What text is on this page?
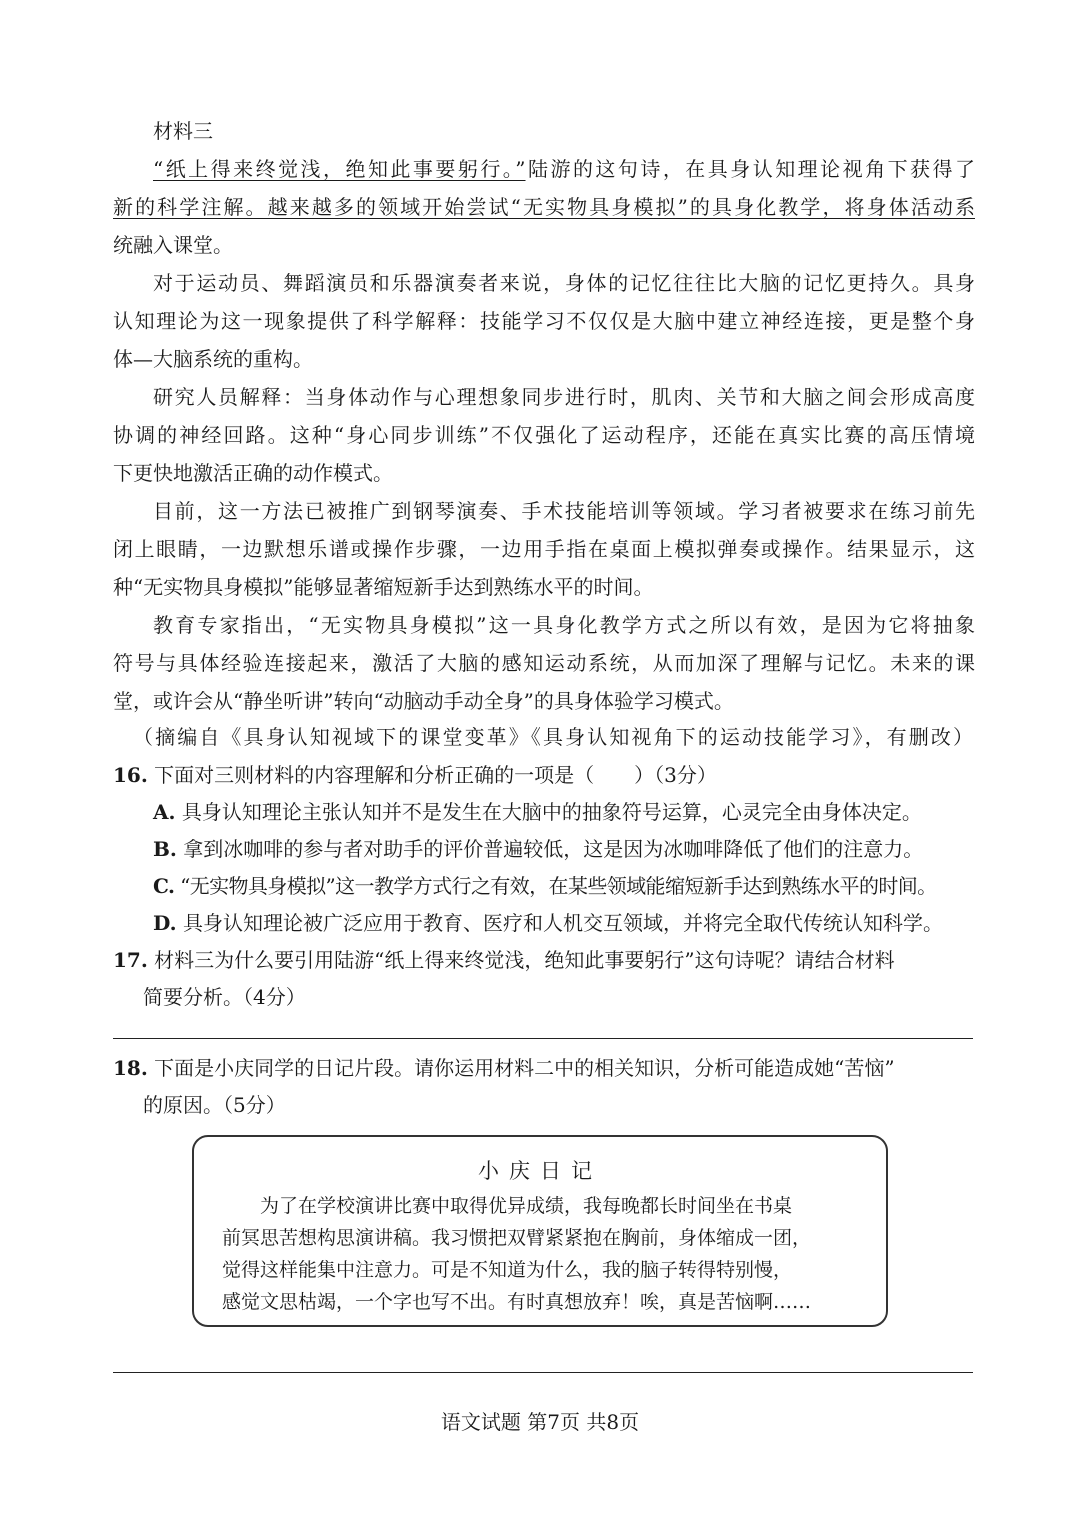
材料三
“纸上得来终觉浅，绝知此事要躬行。”陆游的这句诗，在具身认知理论视角下获得了
新的科学注解。越来越多的领域开始尝试“无实物具身模拟”的具身化教学，将身体活动系
统融入课堂。
对于运动员、舞蹈演员和乐器演奏者来说，身体的记忆往往比大脑的记忆更持久。具身
认知理论为这一现象提供了科学解释：技能学习不仅仅是大脑中建立神经连接，更是整个身
体—大脑系统的重构。
研究人员解释：当身体动作与心理想象同步进行时，肌肉、关节和大脑之间会形成高度
协调的神经回路。这种“身心同步训练”不仅强化了运动程序，还能在真实比赛的高压情境
下更快地激活正确的动作模式。
目前，这一方法已被推广到钢琴演奏、手术技能培训等领域。学习者被要求在练习前先
闭上眼睛，一边默想乐谱或操作步骤，一边用手指在桌面上模拟弹奏或操作。结果显示，这
种“无实物具身模拟”能够显著缩短新手达到熟练水平的时间。
教育专家指出，“无实物具身模拟”这一具身化教学方式之所以有效，是因为它将抽象
符号与具体经验连接起来，激活了大脑的感知运动系统，从而加深了理解与记忆。未来的课
堂，或许会从“静坐听讲”转向“动脑动手动全身”的具身体验学习模式。
（摘编自《具身认知视域下的课堂变革》《具身认知视角下的运动技能学习》，有删改）
16. 下面对三则材料的内容理解和分析正确的一项是（　　）（3分）
A. 具身认知理论主张认知并不是发生在大脑中的抽象符号运算，心灵完全由身体决定。
B. 拿到冰咖啡的参与者对助手的评价普遍较低，这是因为冰咖啡降低了他们的注意力。
C. “无实物具身模拟”这一教学方式行之有效，在某些领域能缩短新手达到熟练水平的时间。
D. 具身认知理论被广泛应用于教育、医疗和人机交互领域，并将完全取代传统认知科学。
17. 材料三为什么要引用陆游“纸上得来终觉浅，绝知此事要躬行”这句诗呢？请结合材料
简要分析。（4分）
18. 下面是小庆同学的日记片段。请你运用材料二中的相关知识，分析可能造成她“苦恼”
的原因。（5分）
小庆日记
为了在学校演讲比赛中取得优异成绩，我每晚都长时间坐在书桌
前冥思苦想构思演讲稿。我习惯把双臂紧紧抱在胸前，身体缩成一团，
觉得这样能集中注意力。可是不知道为什么，我的脑子转得特别慢，
感觉文思枯竭，一个字也写不出。有时真想放弃！唉，真是苦恼啊……
语文试题 第7页 共8页
